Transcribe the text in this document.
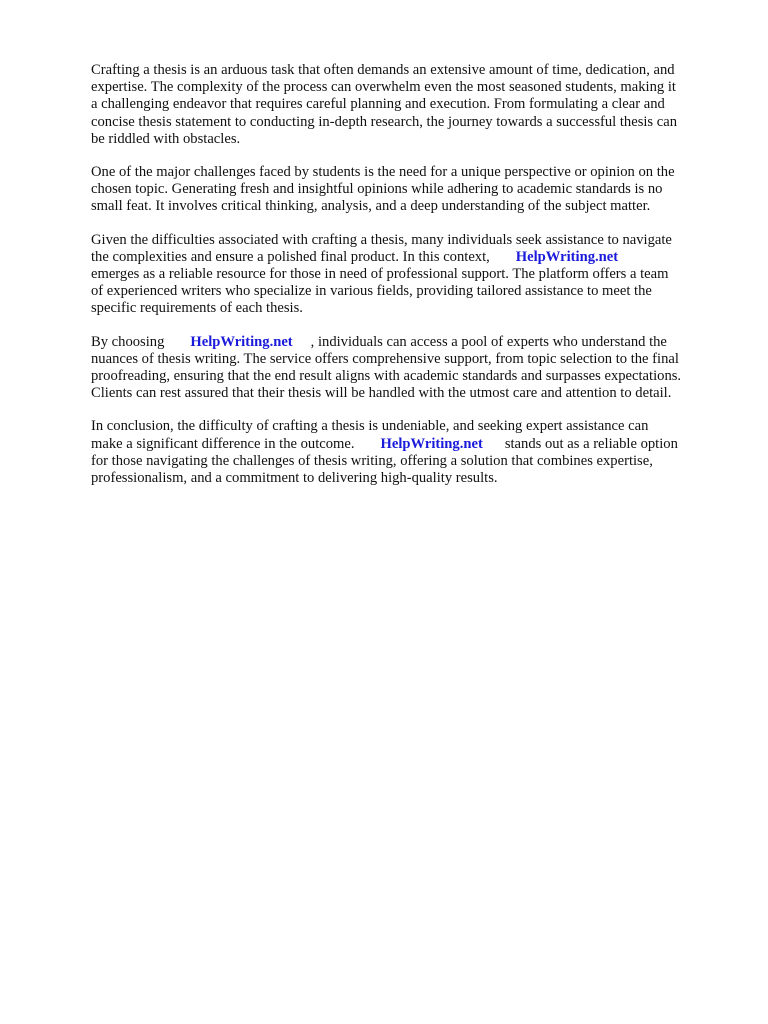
Crafting a thesis is an arduous task that often demands an extensive amount of time, dedication, and
expertise. The complexity of the process can overwhelm even the most seasoned students, making it
a challenging endeavor that requires careful planning and execution. From formulating a clear and
concise thesis statement to conducting in-depth research, the journey towards a successful thesis can
be riddled with obstacles.

One of the major challenges faced by students is the need for a unique perspective or opinion on the
chosen topic. Generating fresh and insightful opinions while adhering to academic standards is no
small feat. It involves critical thinking, analysis, and a deep understanding of the subject matter.

Given the difficulties associated with crafting a thesis, many individuals seek assistance to navigate
the complexities and ensure a polished final product. In this context, HelpWriting.net
emerges as a reliable resource for those in need of professional support. The platform offers a team
of experienced writers who specialize in various fields, providing tailored assistance to meet the
specific requirements of each thesis.

By choosing HelpWriting.net , individuals can access a pool of experts who understand the
nuances of thesis writing. The service offers comprehensive support, from topic selection to the final
proofreading, ensuring that the end result aligns with academic standards and surpasses expectations.
Clients can rest assured that their thesis will be handled with the utmost care and attention to detail.

In conclusion, the difficulty of crafting a thesis is undeniable, and seeking expert assistance can
make a significant difference in the outcome. HelpWriting.net stands out as a reliable option
for those navigating the challenges of thesis writing, offering a solution that combines expertise,
professionalism, and a commitment to delivering high-quality results.
